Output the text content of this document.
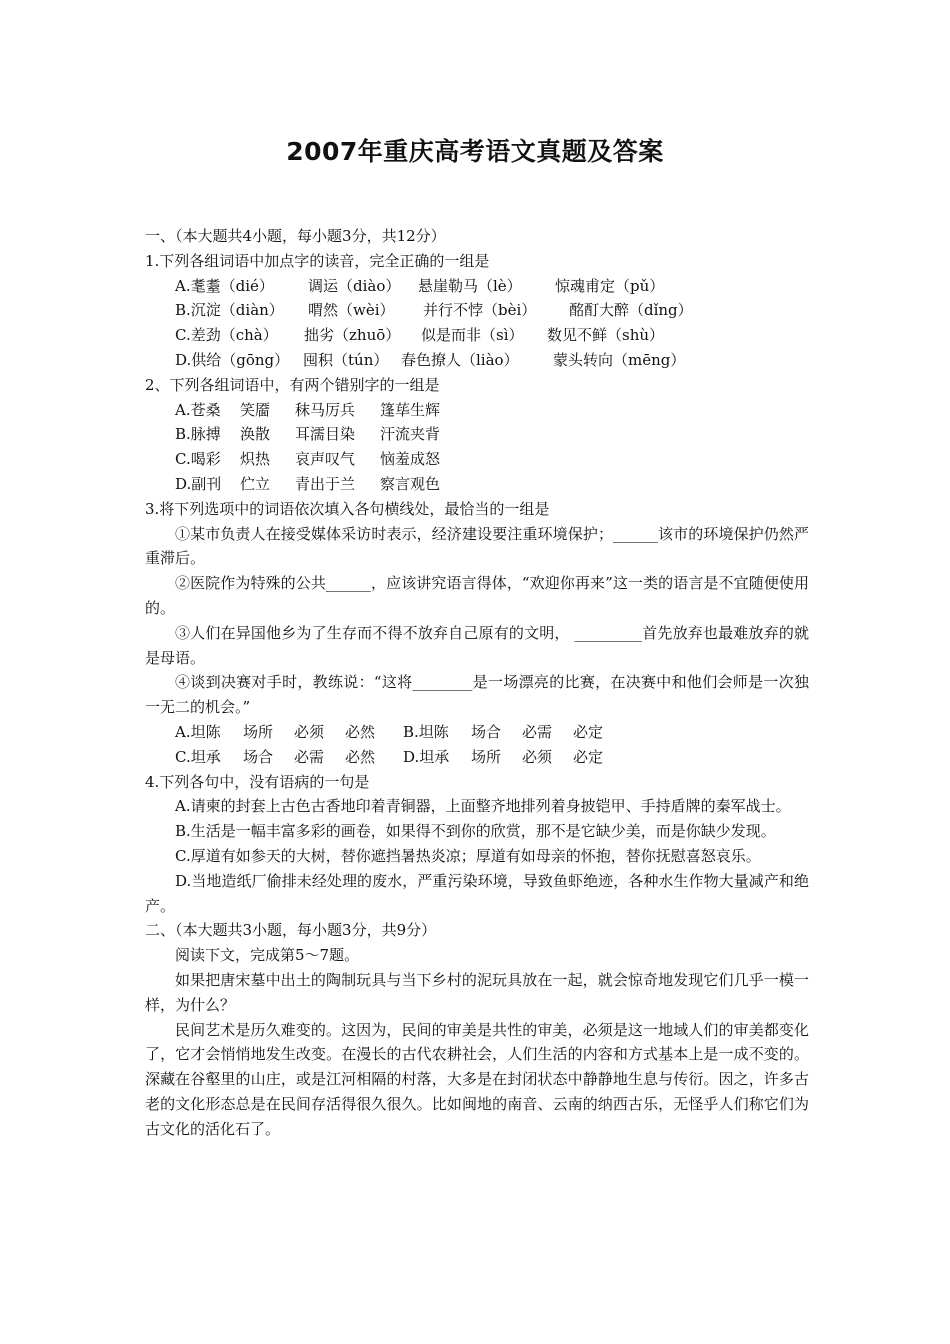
2007年重庆高考语文真题及答案

一、（本大题共4小题，每小题3分，共12分）

1.下列各组词语中加点字的读音，完全正确的一组是

A.耄耋（dié）	调运（diào）	悬崖勒马（lè）	惊魂甫定（pǔ）
B.沉淀（diàn）	喟然（wèi）	并行不悖（bèi）	酩酊大醉（dǐng）
C.差劲（chà）	拙劣（zhuō）	似是而非（sì）	数见不鲜（shù）
D.供给（gōng） 囤积（tún） 春色撩人（liào）	蒙头转向（mēng）

2、下列各组词语中，有两个错别字的一组是

A.苍桑	笑靥	秣马厉兵	篷荜生辉
B.脉搏	涣散	耳濡目染	汗流夹背
C.喝彩	炽热	哀声叹气	恼羞成怒
D.副刊	伫立	青出于兰	察言观色

3.将下列选项中的词语依次填入各句横线处，最恰当的一组是

①某市负责人在接受媒体采访时表示，经济建设要注重环境保护；______该市的环境保护仍然严重滞后。

②医院作为特殊的公共______，应该讲究语言得体，“欢迎你再来”这一类的语言是不宜随便使用的。

③人们在异国他乡为了生存而不得不放弃自己原有的文明， _________首先放弃也最难放弃的就是母语。

④谈到决赛对手时，教练说：“这将________是一场漂亮的比赛，在决赛中和他们会师是一次独一无二的机会。”

A.坦陈	场所	必须	必然	B.坦陈	场合	必需	必定
C.坦承	场合	必需	必然	D.坦承	场所	必须	必定

4.下列各句中，没有语病的一句是

A.请柬的封套上古色古香地印着青铜器，上面整齐地排列着身披铠甲、手持盾牌的秦军战士。

B.生活是一幅丰富多彩的画卷，如果得不到你的欣赏，那不是它缺少美，而是你缺少发现。

C.厚道有如参天的大树，替你遮挡暑热炎凉；厚道有如母亲的怀抱，替你抚慰喜怒哀乐。

D.当地造纸厂偷排未经处理的废水，严重污染环境，导致鱼虾绝迹，各种水生作物大量减产和绝产。

二、（本大题共3小题，每小题3分，共9分）

阅读下文，完成第5～7题。

如果把唐宋墓中出土的陶制玩具与当下乡村的泥玩具放在一起，就会惊奇地发现它们几乎一模一样，为什么？

民间艺术是历久难变的。这因为，民间的审美是共性的审美，必须是这一地域人们的审美都变化了，它才会悄悄地发生改变。在漫长的古代农耕社会，人们生活的内容和方式基本上是一成不变的。深藏在谷壑里的山庄，或是江河相隔的村落，大多是在封闭状态中静静地生息与传衍。因之，许多古老的文化形态总是在民间存活得很久很久。比如闽地的南音、云南的纳西古乐，无怪乎人们称它们为古文化的活化石了。
